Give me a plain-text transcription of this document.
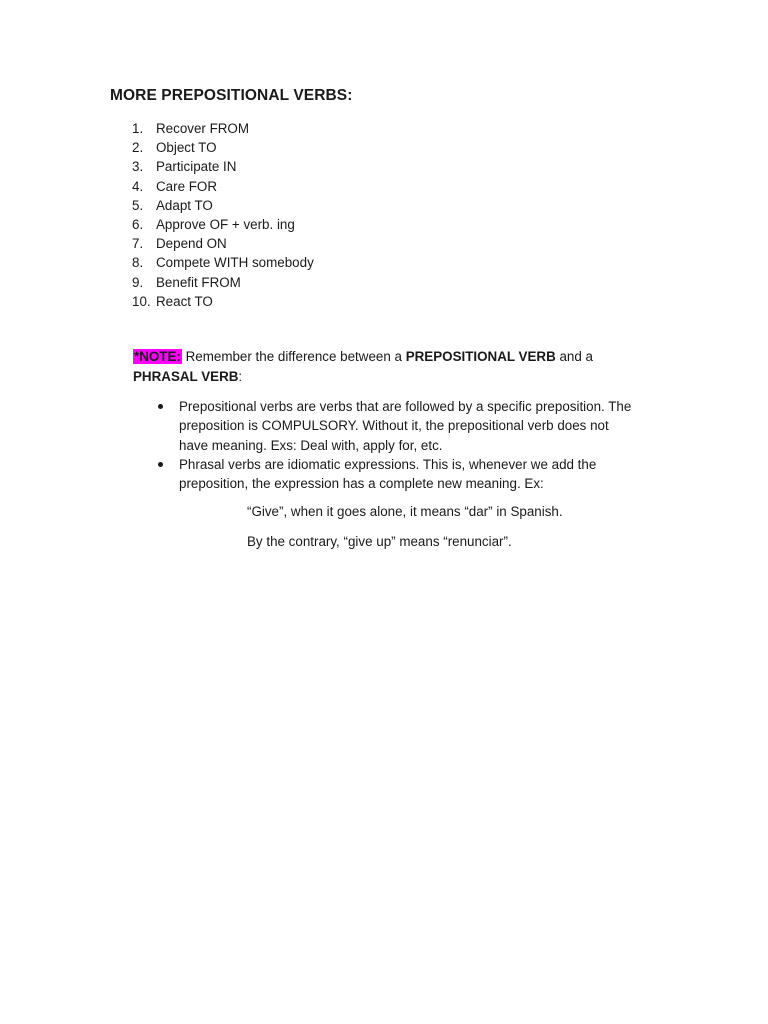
MORE PREPOSITIONAL VERBS:
1. Recover FROM
2. Object TO
3. Participate IN
4. Care FOR
5. Adapt TO
6. Approve OF + verb. ing
7. Depend ON
8. Compete WITH somebody
9. Benefit FROM
10. React TO

*NOTE: Remember the difference between a PREPOSITIONAL VERB and a PHRASAL VERB:

Prepositional verbs are verbs that are followed by a specific preposition. The preposition is COMPULSORY. Without it, the prepositional verb does not have meaning. Exs: Deal with, apply for, etc.
Phrasal verbs are idiomatic expressions. This is, whenever we add the preposition, the expression has a complete new meaning. Ex:

“Give”, when it goes alone, it means “dar” in Spanish.

By the contrary, “give up” means “renunciar”.
